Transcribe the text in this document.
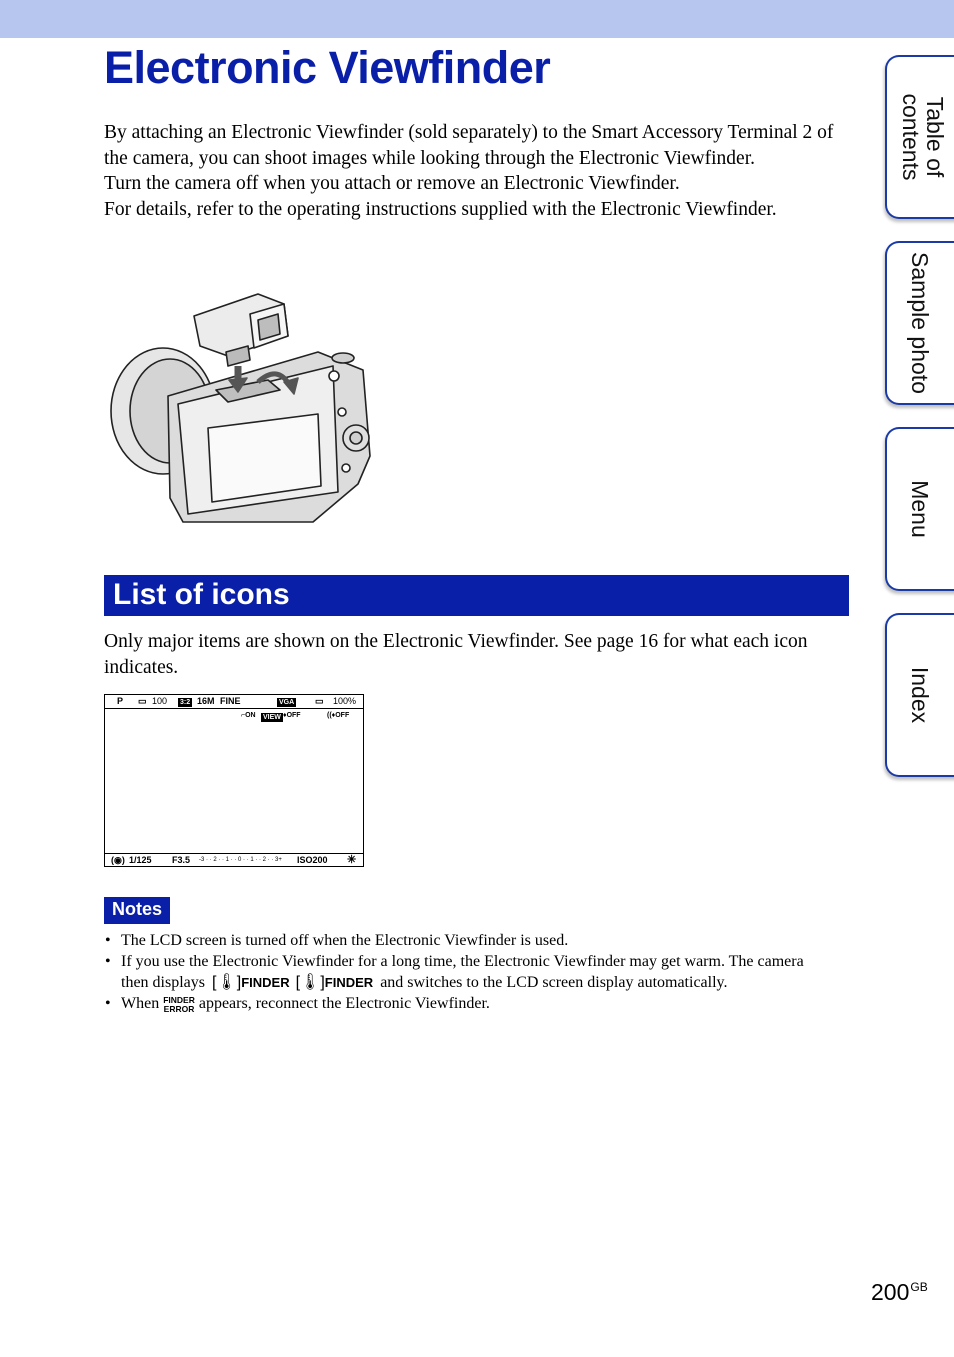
Electronic Viewfinder

By attaching an Electronic Viewfinder (sold separately) to the Smart Accessory Terminal 2 of the camera, you can shoot images while looking through the Electronic Viewfinder.

Turn the camera off when you attach or remove an Electronic Viewfinder.

For details, refer to the operating instructions supplied with the Electronic Viewfinder.

List of icons

Only major items are shown on the Electronic Viewfinder. See page 16 for what each icon indicates.

P ▭ 100 3:2 16M FINE	VGA ▭ 100%
⌐ON VIEW ♦OFF	((♦OFF
(◉) 1/125 F3.5 -3 · · 2 · · 1 · · 0 · · 1 · · 2 · · 3+ ISO200 ✳
Notes
• The LCD screen is turned off when the Electronic Viewfinder is used.
• If you use the Electronic Viewfinder for a long time, the Electronic Viewfinder may get warm. The camera then displays [🌡]FINDER [🌡]FINDER and switches to the LCD screen display automatically.
• When FINDER
ERROR appears, reconnect the Electronic Viewfinder.
Table of contents
Sample photo
Menu
Index
$200^{GB}$
